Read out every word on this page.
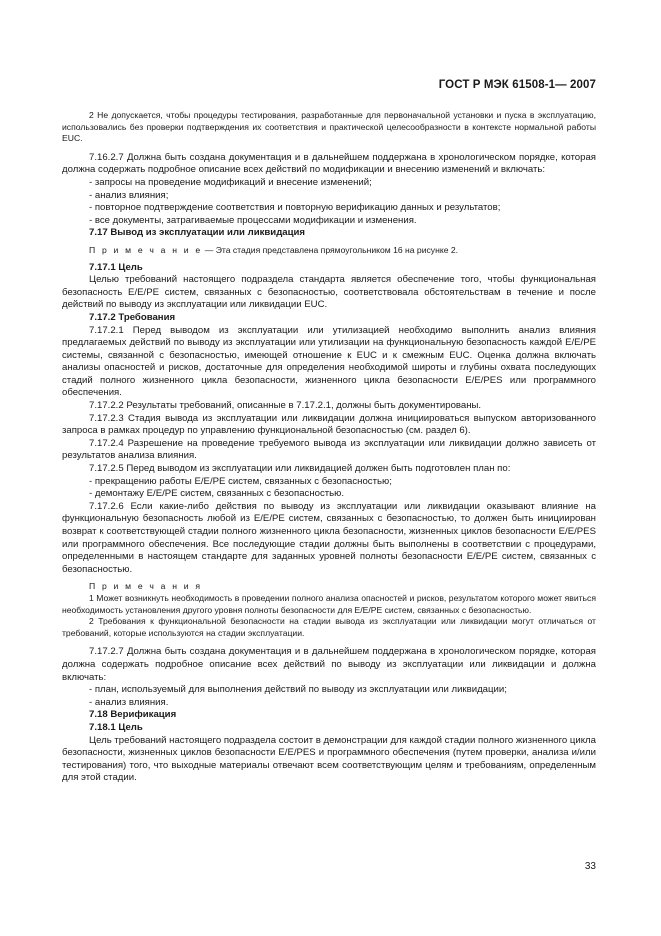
ГОСТ Р МЭК 61508-1— 2007

2 Не допускается, чтобы процедуры тестирования, разработанные для первоначальной установки и пуска в эксплуатацию, использовались без проверки подтверждения их соответствия и практической целесообразности в контексте нормальной работы EUC.

7.16.2.7 Должна быть создана документация и в дальнейшем поддержана в хронологическом порядке, которая должна содержать подробное описание всех действий по модификации и внесению изменений и включать:

- запросы на проведение модификаций и внесение изменений;

- анализ влияния;

- повторное подтверждение соответствия и повторную верификацию данных и результатов;

- все документы, затрагиваемые процессами модификации и изменения.

7.17 Вывод из эксплуатации или ликвидация

П р и м е ч а н и е — Эта стадия представлена прямоугольником 16 на рисунке 2.

7.17.1 Цель

Целью требований настоящего подраздела стандарта является обеспечение того, чтобы функциональная безопасность E/E/PE систем, связанных с безопасностью, соответствовала обстоятельствам в течение и после действий по выводу из эксплуатации или ликвидации EUC.

7.17.2 Требования

7.17.2.1 Перед выводом из эксплуатации или утилизацией необходимо выполнить анализ влияния предлагаемых действий по выводу из эксплуатации или утилизации на функциональную безопасность каждой E/E/PE системы, связанной с безопасностью, имеющей отношение к EUC и к смежным EUC. Оценка должна включать анализы опасностей и рисков, достаточные для определения необходимой широты и глубины охвата последующих стадий полного жизненного цикла безопасности, жизненного цикла безопасности E/E/PES или программного обеспечения.

7.17.2.2 Результаты требований, описанные в 7.17.2.1, должны быть документированы.

7.17.2.3 Стадия вывода из эксплуатации или ликвидации должна инициироваться выпуском авторизованного запроса в рамках процедур по управлению функциональной безопасностью (см. раздел 6).

7.17.2.4 Разрешение на проведение требуемого вывода из эксплуатации или ликвидации должно зависеть от результатов анализа влияния.

7.17.2.5 Перед выводом из эксплуатации или ликвидацией должен быть подготовлен план по:

- прекращению работы E/E/PE систем, связанных с безопасностью;

- демонтажу E/E/PE систем, связанных с безопасностью.

7.17.2.6 Если какие-либо действия по выводу из эксплуатации или ликвидации оказывают влияние на функциональную безопасность любой из E/E/PE систем, связанных с безопасностью, то должен быть инициирован возврат к соответствующей стадии полного жизненного цикла безопасности, жизненных циклов безопасности E/E/PES или программного обеспечения. Все последующие стадии должны быть выполнены в соответствии с процедурами, определенными в настоящем стандарте для заданных уровней полноты безопасности E/E/PE систем, связанных с безопасностью.

П р и м е ч а н и я

1 Может возникнуть необходимость в проведении полного анализа опасностей и рисков, результатом которого может явиться необходимость установления другого уровня полноты безопасности для E/E/PE систем, связанных с безопасностью.

2 Требования к функциональной безопасности на стадии вывода из эксплуатации или ликвидации могут отличаться от требований, которые используются на стадии эксплуатации.

7.17.2.7 Должна быть создана документация и в дальнейшем поддержана в хронологическом порядке, которая должна содержать подробное описание всех действий по выводу из эксплуатации или ликвидации и должна включать:

- план, используемый для выполнения действий по выводу из эксплуатации или ликвидации;

- анализ влияния.

7.18 Верификация

7.18.1 Цель

Цель требований настоящего подраздела состоит в демонстрации для каждой стадии полного жизненного цикла безопасности, жизненных циклов безопасности E/E/PES и программного обеспечения (путем проверки, анализа и/или тестирования) того, что выходные материалы отвечают всем соответствующим целям и требованиям, определенным для этой стадии.

33
